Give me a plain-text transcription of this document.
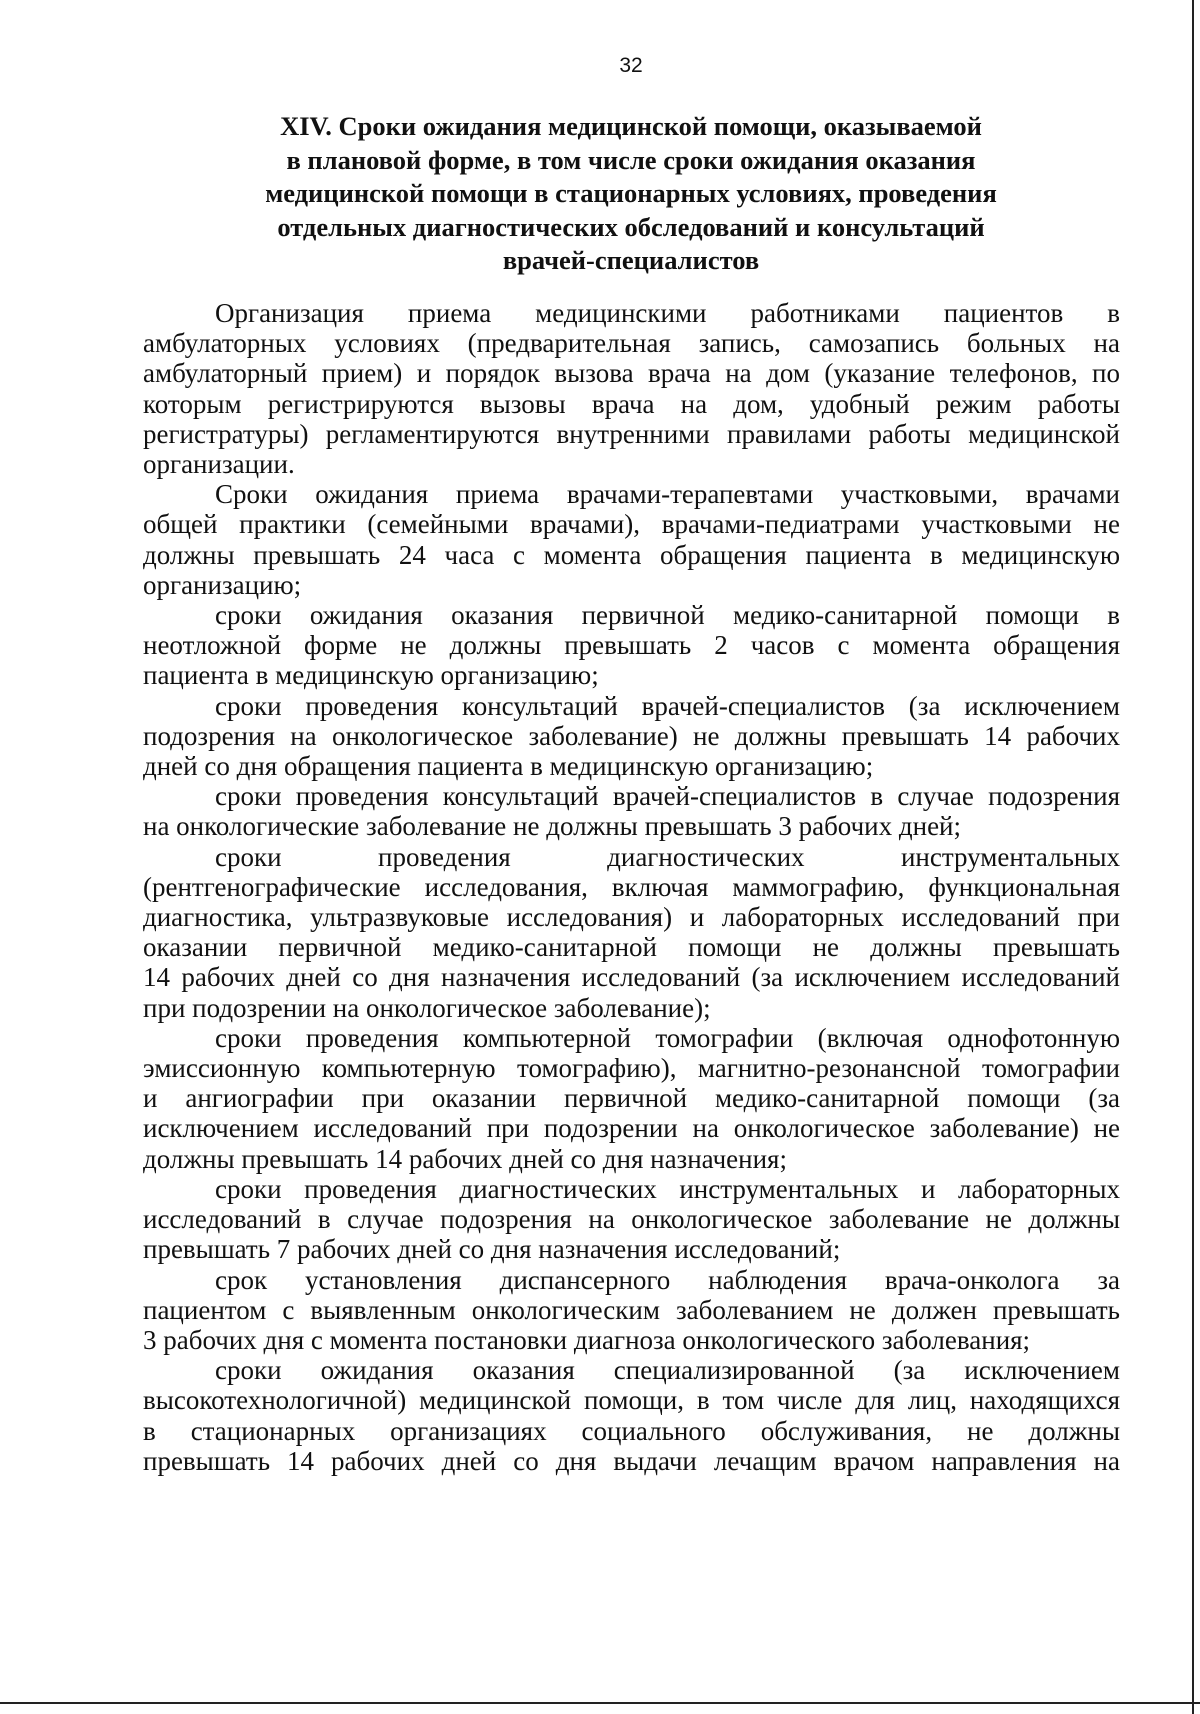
32
XIV. Сроки ожидания медицинской помощи, оказываемой
в плановой форме, в том числе сроки ожидания оказания
медицинской помощи в стационарных условиях, проведения
отдельных диагностических обследований и консультаций
врачей-специалистов
Организация приема медицинскими работниками пациентов в
амбулаторных условиях (предварительная запись, самозапись больных на
амбулаторный прием) и порядок вызова врача на дом (указание телефонов, по
которым регистрируются вызовы врача на дом, удобный режим работы
регистратуры) регламентируются внутренними правилами работы медицинской
организации.
Сроки ожидания приема врачами-терапевтами участковыми, врачами
общей практики (семейными врачами), врачами-педиатрами участковыми не
должны превышать 24 часа с момента обращения пациента в медицинскую
организацию;
сроки ожидания оказания первичной медико-санитарной помощи в
неотложной форме не должны превышать 2 часов с момента обращения
пациента в медицинскую организацию;
сроки проведения консультаций врачей-специалистов (за исключением
подозрения на онкологическое заболевание) не должны превышать 14 рабочих
дней со дня обращения пациента в медицинскую организацию;
сроки проведения консультаций врачей-специалистов в случае подозрения
на онкологические заболевание не должны превышать 3 рабочих дней;
сроки проведения диагностических инструментальных
(рентгенографические исследования, включая маммографию, функциональная
диагностика, ультразвуковые исследования) и лабораторных исследований при
оказании первичной медико-санитарной помощи не должны превышать
14 рабочих дней со дня назначения исследований (за исключением исследований
при подозрении на онкологическое заболевание);
сроки проведения компьютерной томографии (включая однофотонную
эмиссионную компьютерную томографию), магнитно-резонансной томографии
и ангиографии при оказании первичной медико-санитарной помощи (за
исключением исследований при подозрении на онкологическое заболевание) не
должны превышать 14 рабочих дней со дня назначения;
сроки проведения диагностических инструментальных и лабораторных
исследований в случае подозрения на онкологическое заболевание не должны
превышать 7 рабочих дней со дня назначения исследований;
срок установления диспансерного наблюдения врача-онколога за
пациентом с выявленным онкологическим заболеванием не должен превышать
3 рабочих дня с момента постановки диагноза онкологического заболевания;
сроки ожидания оказания специализированной (за исключением
высокотехнологичной) медицинской помощи, в том числе для лиц, находящихся
в стационарных организациях социального обслуживания, не должны
превышать 14 рабочих дней со дня выдачи лечащим врачом направления на
